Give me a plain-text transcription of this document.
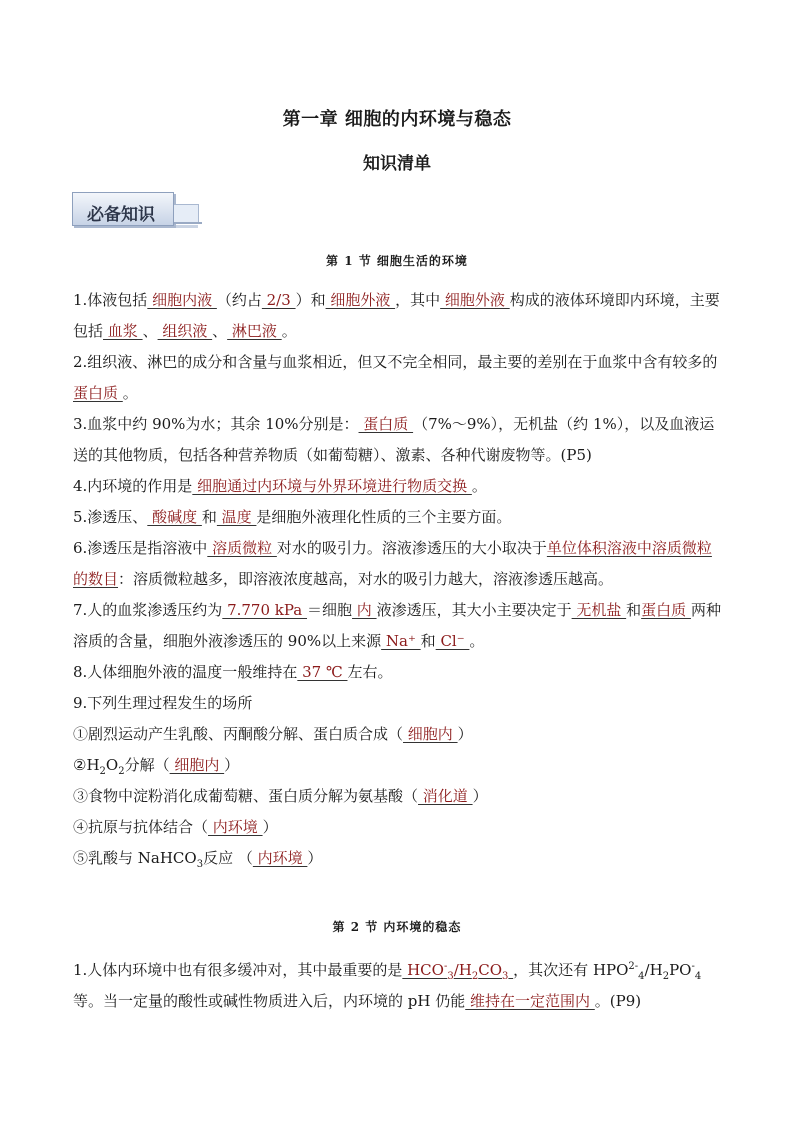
第一章 细胞的内环境与稳态
知识清单
必备知识
第 1 节 细胞生活的环境
1.体液包括 细胞内液 （约占 2/3 ）和 细胞外液 ，其中 细胞外液 构成的液体环境即内环境，主要包括 血浆 、 组织液 、 淋巴液 。
2.组织液、淋巴的成分和含量与血浆相近，但又不完全相同，最主要的差别在于血浆中含有较多的 蛋白质 。
3.血浆中约 90%为水；其余 10%分别是： 蛋白质 （7%～9%），无机盐（约 1%），以及血液运送的其他物质，包括各种营养物质（如葡萄糖）、激素、各种代谢废物等。(P5)
4.内环境的作用是 细胞通过内环境与外界环境进行物质交换 。
5.渗透压、 酸碱度 和 温度 是细胞外液理化性质的三个主要方面。
6.渗透压是指溶液中 溶质微粒 对水的吸引力。溶液渗透压的大小取决于单位体积溶液中溶质微粒的数目：溶质微粒越多，即溶液浓度越高，对水的吸引力越大，溶液渗透压越高。
7.人的血浆渗透压约为 7.770 kPa ＝细胞 内 液渗透压，其大小主要决定于 无机盐 和蛋白质 两种溶质的含量，细胞外液渗透压的 90%以上来源 Na⁺ 和 Cl⁻ 。
8.人体细胞外液的温度一般维持在 37 ℃ 左右。
9.下列生理过程发生的场所
①剧烈运动产生乳酸、丙酮酸分解、蛋白质合成（ 细胞内 ）
$②H_2O_2$分解（ 细胞内 ）
③食物中淀粉消化成葡萄糖、蛋白质分解为氨基酸（ 消化道 ）
④抗原与抗体结合（ 内环境 ）
⑤乳酸与 NaHCO$_3$反应 （ 内环境 ）
第 2 节 内环境的稳态
1.人体内环境中也有很多缓冲对，其中最重要的是 $HCO^-_3/H_2CO_3$ ，其次还有 $HPO^{2-}_4/H_2PO^-_4$等。当一定量的酸性或碱性物质进入后，内环境的 pH 仍能 维持在一定范围内 。(P9)
